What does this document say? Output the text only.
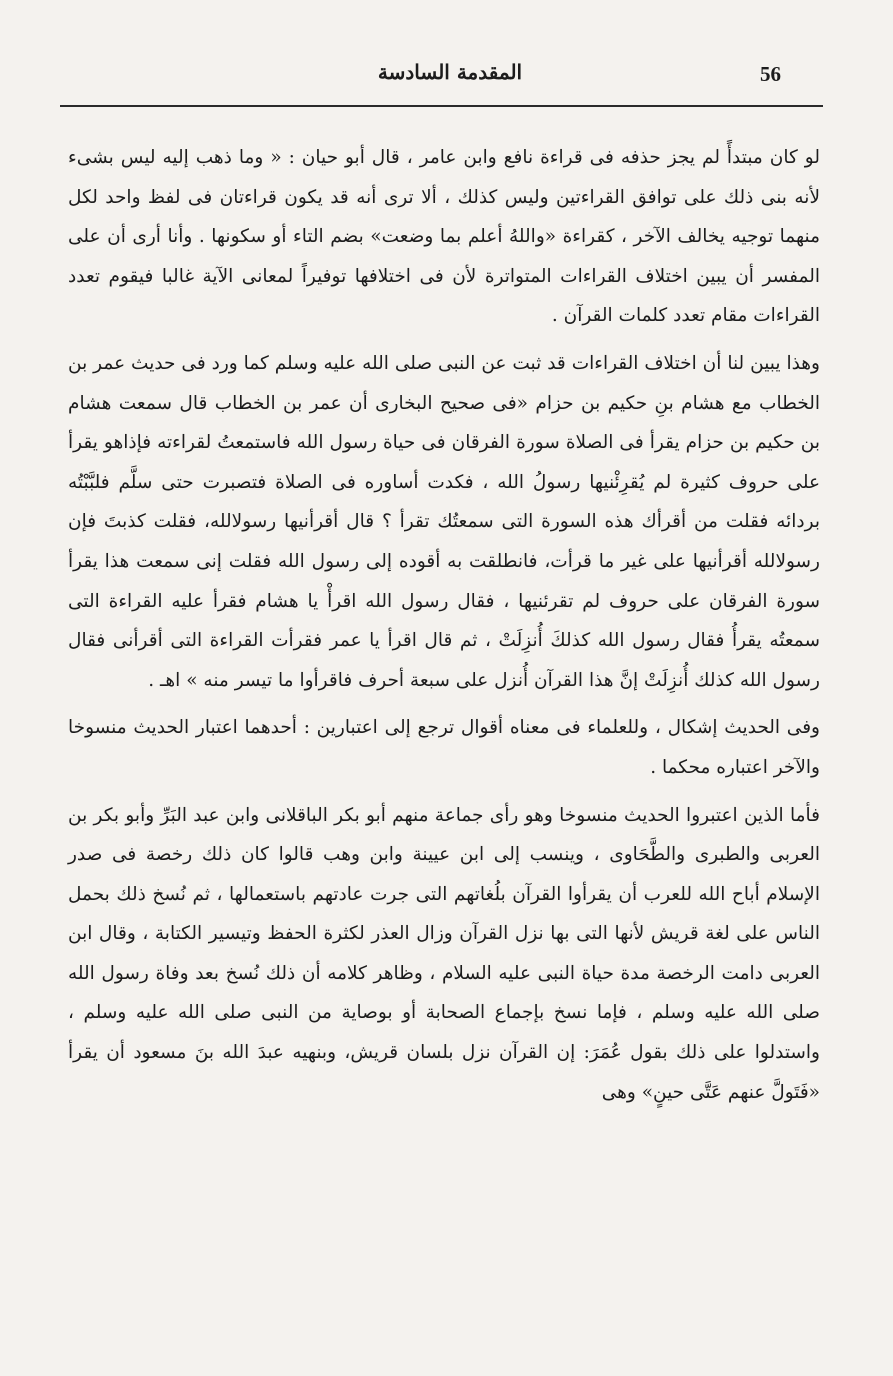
56
المقدمة السادسة

لو كان مبتدأً لم يجز حذفه فى قراءة نافع وابن عامر ، قال أبو حيان : « وما ذهب إليه ليس بشىء لأنه بنى ذلك على توافق القراءتين وليس كذلك ، ألا ترى أنه قد يكون قراءتان فى لفظ واحد لكل منهما توجيه يخالف الآخر ، كقراءة «واللهُ أعلم بما وضعت» بضم التاء أو سكونها . وأنا أرى أن على المفسر أن يبين اختلاف القراءات المتواترة لأن فى اختلافها توفيراً لمعانى الآية غالبا فيقوم تعدد القراءات مقام تعدد كلمات القرآن .

وهذا يبين لنا أن اختلاف القراءات قد ثبت عن النبى صلى الله عليه وسلم كما ورد فى حديث عمر بن الخطاب مع هشام بنِ حكيم بن حزام «فى صحيح البخارى أن عمر بن الخطاب قال سمعت هشام بن حكيم بن حزام يقرأ فى الصلاة سورة الفرقان فى حياة رسول الله فاستمعتُ لقراءته فإذاهو يقرأ على حروف كثيرة لم يُقرِئْنيها رسولُ الله ، فكدت أساوره فى الصلاة فتصبرت حتى سلَّم فلبَّبْتُه بردائه فقلت من أقرأك هذه السورة التى سمعتُك تقرأ ؟ قال أقرأنيها رسولالله، فقلت كذبتَ فإن رسولالله أقرأنيها على غير ما قرأت، فانطلقت به أقوده إلى رسول الله فقلت إنى سمعت هذا يقرأ سورة الفرقان على حروف لم تقرئنيها ، فقال رسول الله اقرأْ يا هشام فقرأ عليه القراءة التى سمعتُه يقرأُ فقال رسول الله كذلكَ أُنزِلَتْ ، ثم قال اقرأ يا عمر فقرأت القراءة التى أقرأنى فقال رسول الله كذلك أُنزِلَتْ إنَّ هذا القرآن أُنزل على سبعة أحرف فاقرأوا ما تيسر منه » اهـ .

وفى الحديث إشكال ، وللعلماء فى معناه أقوال ترجع إلى اعتبارين : أحدهما اعتبار الحديث منسوخا والآخر اعتباره محكما .

فأما الذين اعتبروا الحديث منسوخا وهو رأى جماعة منهم أبو بكر الباقلانى وابن عبد البَرِّ وأبو بكر بن العربى والطبرى والطَّحَاوى ، وينسب إلى ابن عيينة وابن وهب قالوا كان ذلك رخصة فى صدر الإسلام أباح الله للعرب أن يقرأوا القرآن بلُغاتهم التى جرت عادتهم باستعمالها ، ثم نُسخ ذلك بحمل الناس على لغة قريش لأنها التى بها نزل القرآن وزال العذر لكثرة الحفظ وتيسير الكتابة ، وقال ابن العربى دامت الرخصة مدة حياة النبى عليه السلام ، وظاهر كلامه أن ذلك نُسخ بعد وفاة رسول الله صلى الله عليه وسلم ، فإما نسخ بإجماع الصحابة أو بوصاية من النبى صلى الله عليه وسلم ، واستدلوا على ذلك بقول عُمَرَ: إن القرآن نزل بلسان قريش، وبنهيه عبدَ الله بنَ مسعود أن يقرأ «فَتَولَّ عنهم عَتَّى حينٍ» وهى
